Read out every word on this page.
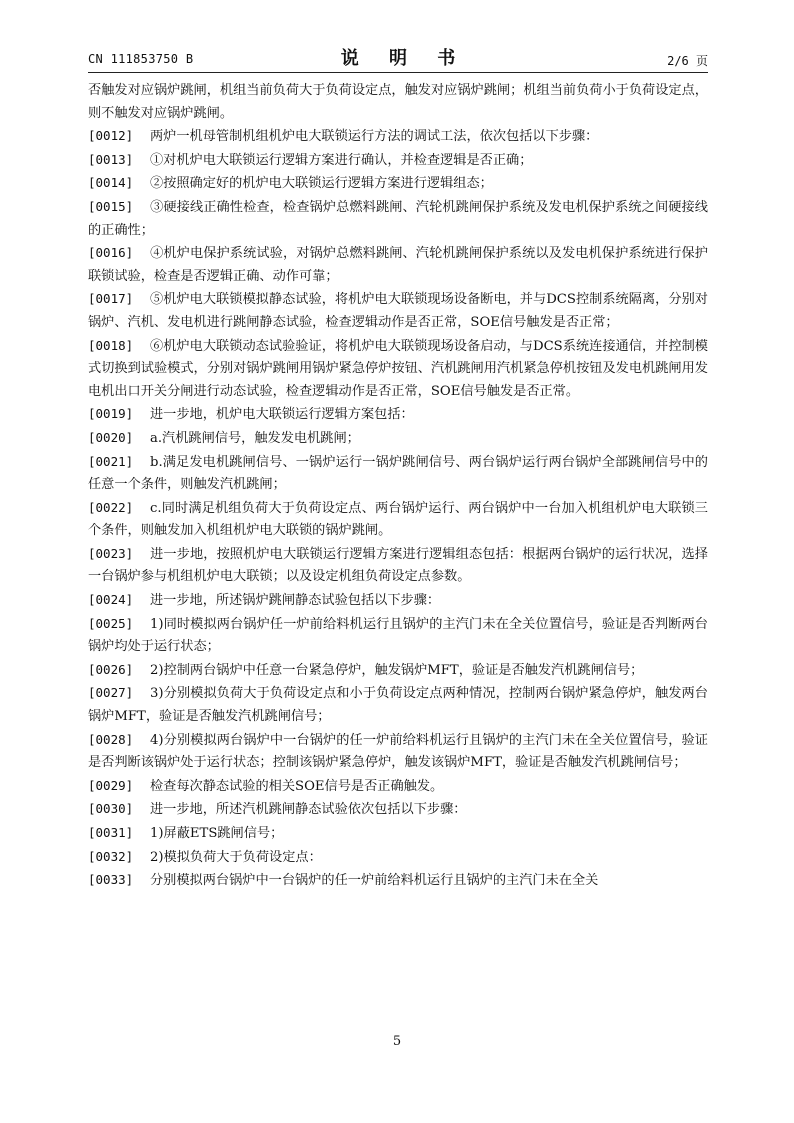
CN 111853750 B	说 明 书	2/6 页
否触发对应锅炉跳闸，机组当前负荷大于负荷设定点，触发对应锅炉跳闸；机组当前负荷小于负荷设定点，则不触发对应锅炉跳闸。
[0012] 两炉一机母管制机组机炉电大联锁运行方法的调试工法，依次包括以下步骤：
[0013] ①对机炉电大联锁运行逻辑方案进行确认，并检查逻辑是否正确；
[0014] ②按照确定好的机炉电大联锁运行逻辑方案进行逻辑组态；
[0015] ③硬接线正确性检查，检查锅炉总燃料跳闸、汽轮机跳闸保护系统及发电机保护系统之间硬接线的正确性；
[0016] ④机炉电保护系统试验，对锅炉总燃料跳闸、汽轮机跳闸保护系统以及发电机保护系统进行保护联锁试验，检查是否逻辑正确、动作可靠；
[0017] ⑤机炉电大联锁模拟静态试验，将机炉电大联锁现场设备断电，并与DCS控制系统隔离，分别对锅炉、汽机、发电机进行跳闸静态试验，检查逻辑动作是否正常，SOE信号触发是否正常；
[0018] ⑥机炉电大联锁动态试验验证，将机炉电大联锁现场设备启动，与DCS系统连接通信，并控制模式切换到试验模式，分别对锅炉跳闸用锅炉紧急停炉按钮、汽机跳闸用汽机紧急停机按钮及发电机跳闸用发电机出口开关分闸进行动态试验，检查逻辑动作是否正常，SOE信号触发是否正常。
[0019] 进一步地，机炉电大联锁运行逻辑方案包括：
[0020] a.汽机跳闸信号，触发发电机跳闸；
[0021] b.满足发电机跳闸信号、一锅炉运行一锅炉跳闸信号、两台锅炉运行两台锅炉全部跳闸信号中的任意一个条件，则触发汽机跳闸；
[0022] c.同时满足机组负荷大于负荷设定点、两台锅炉运行、两台锅炉中一台加入机组机炉电大联锁三个条件，则触发加入机组机炉电大联锁的锅炉跳闸。
[0023] 进一步地，按照机炉电大联锁运行逻辑方案进行逻辑组态包括：根据两台锅炉的运行状况，选择一台锅炉参与机组机炉电大联锁；以及设定机组负荷设定点参数。
[0024] 进一步地，所述锅炉跳闸静态试验包括以下步骤：
[0025] 1)同时模拟两台锅炉任一炉前给料机运行且锅炉的主汽门未在全关位置信号，验证是否判断两台锅炉均处于运行状态；
[0026] 2)控制两台锅炉中任意一台紧急停炉，触发锅炉MFT，验证是否触发汽机跳闸信号；
[0027] 3)分别模拟负荷大于负荷设定点和小于负荷设定点两种情况，控制两台锅炉紧急停炉，触发两台锅炉MFT，验证是否触发汽机跳闸信号；
[0028] 4)分别模拟两台锅炉中一台锅炉的任一炉前给料机运行且锅炉的主汽门未在全关位置信号，验证是否判断该锅炉处于运行状态；控制该锅炉紧急停炉，触发该锅炉MFT，验证是否触发汽机跳闸信号；
[0029] 检查每次静态试验的相关SOE信号是否正确触发。
[0030] 进一步地，所述汽机跳闸静态试验依次包括以下步骤：
[0031] 1)屏蔽ETS跳闸信号；
[0032] 2)模拟负荷大于负荷设定点：
[0033] 分别模拟两台锅炉中一台锅炉的任一炉前给料机运行且锅炉的主汽门未在全关
5
